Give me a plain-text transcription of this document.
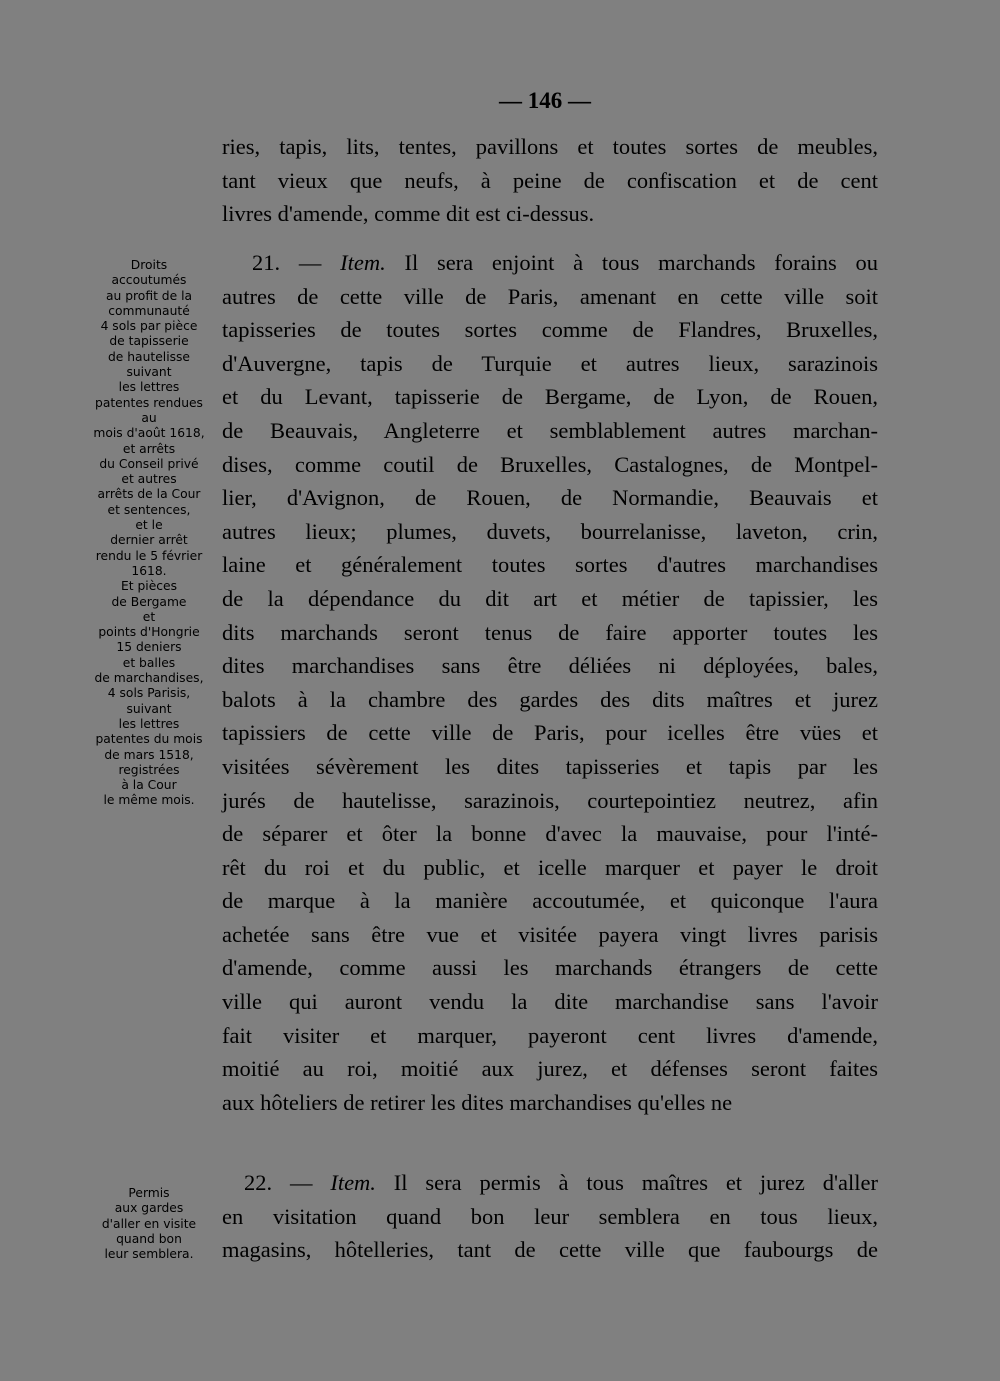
— 146 —
ries, tapis, lits, tentes, pavillons et toutes sortes de meubles,
tant vieux que neufs, à peine de confiscation et de cent
livres d'amende, comme dit est ci-dessus.
21. — Item. Il sera enjoint à tous marchands forains ou
autres de cette ville de Paris, amenant en cette ville soit
tapisseries de toutes sortes comme de Flandres, Bruxelles,
d'Auvergne, tapis de Turquie et autres lieux, sarazinois
et du Levant, tapisserie de Bergame, de Lyon, de Rouen,
de Beauvais, Angleterre et semblablement autres marchan-
dises, comme coutil de Bruxelles, Castalognes, de Montpel-
lier, d'Avignon, de Rouen, de Normandie, Beauvais et
autres lieux; plumes, duvets, bourrelanisse, laveton, crin,
laine et généralement toutes sortes d'autres marchandises
de la dépendance du dit art et métier de tapissier, les
dits marchands seront tenus de faire apporter toutes les
dites marchandises sans être déliées ni déployées, bales,
balots à la chambre des gardes des dits maîtres et jurez
tapissiers de cette ville de Paris, pour icelles être vües et
visitées sévèrement les dites tapisseries et tapis par les
jurés de hautelisse, sarazinois, courtepointiez neutrez, afin
de séparer et ôter la bonne d'avec la mauvaise, pour l'inté-
rêt du roi et du public, et icelle marquer et payer le droit
de marque à la manière accoutumée, et quiconque l'aura
achetée sans être vue et visitée payera vingt livres parisis
d'amende, comme aussi les marchands étrangers de cette
ville qui auront vendu la dite marchandise sans l'avoir
fait visiter et marquer, payeront cent livres d'amende,
moitié au roi, moitié aux jurez, et défenses seront faites
aux hôteliers de retirer les dites marchandises qu'elles ne
22. — Item. Il sera permis à tous maîtres et jurez d'aller
en visitation quand bon leur semblera en tous lieux,
magasins, hôtelleries, tant de cette ville que faubourgs de
Droits
accoutumés
au profit de la
communauté
4 sols par pièce
de tapisserie
de hautelisse
suivant
les lettres
patentes rendues
au
mois d'août 1618,
et arrêts
du Conseil privé
et autres
arrêts de la Cour
et sentences,
et le
dernier arrêt
rendu le 5 février
1618.
Et pièces
de Bergame
et
points d'Hongrie
15 deniers
et balles
de marchandises,
4 sols Parisis,
suivant
les lettres
patentes du mois
de mars 1518,
registrées
à la Cour
le même mois.
Permis
aux gardes
d'aller en visite
quand bon
leur semblera.
